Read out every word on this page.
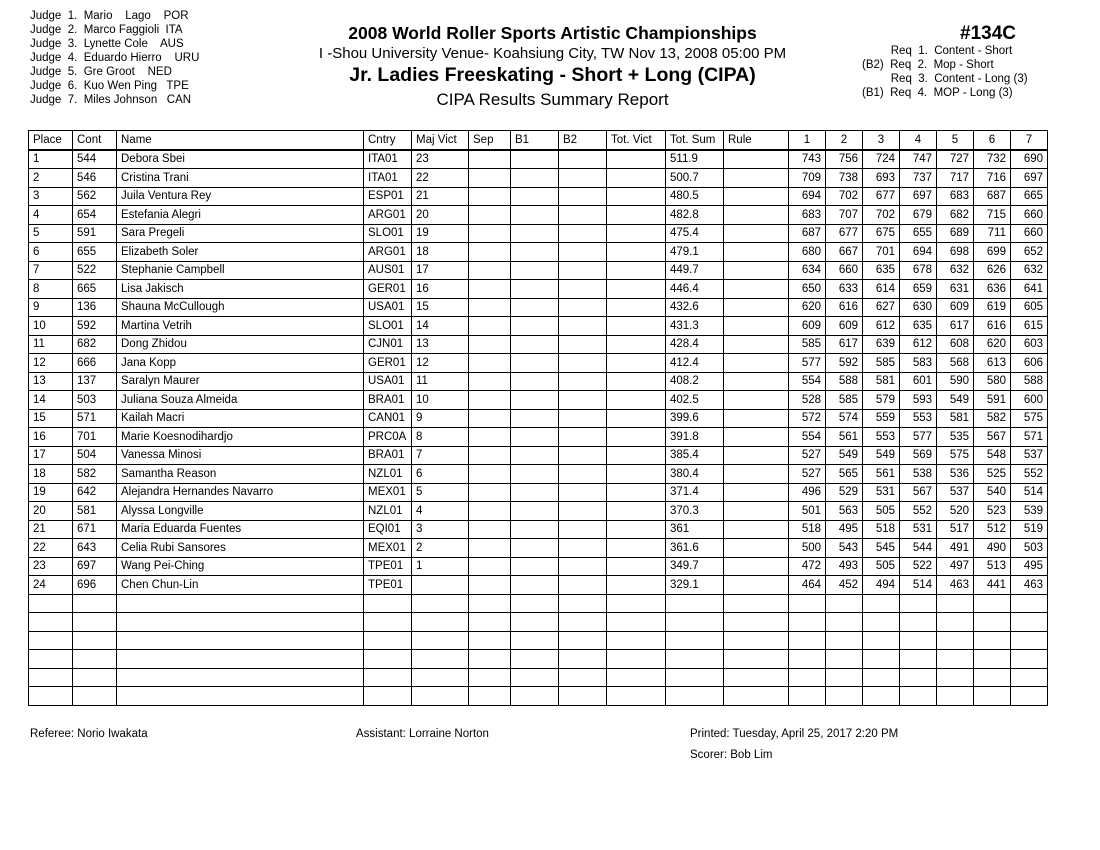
Judge  1.  Mario    Lago    POR
Judge  2.  Marco Faggioli  ITA
Judge  3.  Lynette Cole    AUS
Judge  4.  Eduardo Hierro    URU
Judge  5.  Gre Groot    NED
Judge  6.  Kuo Wen Ping   TPE
Judge  7.  Miles Johnson   CAN
2008 World Roller Sports Artistic Championships
I -Shou University Venue- Koahsiung City, TW Nov 13, 2008 05:00 PM
Jr. Ladies Freeskating - Short + Long (CIPA)
CIPA Results Summary Report
#134C
Req  1.  Content - Short
(B2)  Req  2.  Mop - Short
Req  3.  Content - Long (3)
(B1)  Req  4.  MOP - Long (3)
Place	Cont	Name	Cntry	Maj Vict	Sep	B1	B2	Tot. Vict	Tot. Sum	Rule	1	2	3	4	5	6	7
1	544	Debora Sbei	ITA01	23					511.9		743	756	724	747	727	732	690
2	546	Cristina Trani	ITA01	22					500.7		709	738	693	737	717	716	697
3	562	Juila Ventura Rey	ESP01	21					480.5		694	702	677	697	683	687	665
4	654	Estefania Alegri	ARG01	20					482.8		683	707	702	679	682	715	660
5	591	Sara Pregeli	SLO01	19					475.4		687	677	675	655	689	711	660
6	655	Elizabeth Soler	ARG01	18					479.1		680	667	701	694	698	699	652
7	522	Stephanie Campbell	AUS01	17					449.7		634	660	635	678	632	626	632
8	665	Lisa Jakisch	GER01	16					446.4		650	633	614	659	631	636	641
9	136	Shauna McCullough	USA01	15					432.6		620	616	627	630	609	619	605
10	592	Martina Vetrih	SLO01	14					431.3		609	609	612	635	617	616	615
11	682	Dong Zhidou	CJN01	13					428.4		585	617	639	612	608	620	603
12	666	Jana Kopp	GER01	12					412.4		577	592	585	583	568	613	606
13	137	Saralyn Maurer	USA01	11					408.2		554	588	581	601	590	580	588
14	503	Juliana Souza Almeida	BRA01	10					402.5		528	585	579	593	549	591	600
15	571	Kailah Macri	CAN01	9					399.6		572	574	559	553	581	582	575
16	701	Marie Koesnodihardjo	PRC0A	8					391.8		554	561	553	577	535	567	571
17	504	Vanessa Minosi	BRA01	7					385.4		527	549	549	569	575	548	537
18	582	Samantha Reason	NZL01	6					380.4		527	565	561	538	536	525	552
19	642	Alejandra Hernandes Navarro	MEX01	5					371.4		496	529	531	567	537	540	514
20	581	Alyssa Longville	NZL01	4					370.3		501	563	505	552	520	523	539
21	671	Maria Eduarda Fuentes	EQI01	3					361		518	495	518	531	517	512	519
22	643	Celia Rubi Sansores	MEX01	2					361.6		500	543	545	544	491	490	503
23	697	Wang Pei-Ching	TPE01	1					349.7		472	493	505	522	497	513	495
24	696	Chen Chun-Lin	TPE01						329.1		464	452	494	514	463	441	463

Referee: Norio Iwakata	Assistant: Lorraine Norton	Printed: Tuesday, April 25, 2017 2:20 PM
Scorer: Bob Lim
